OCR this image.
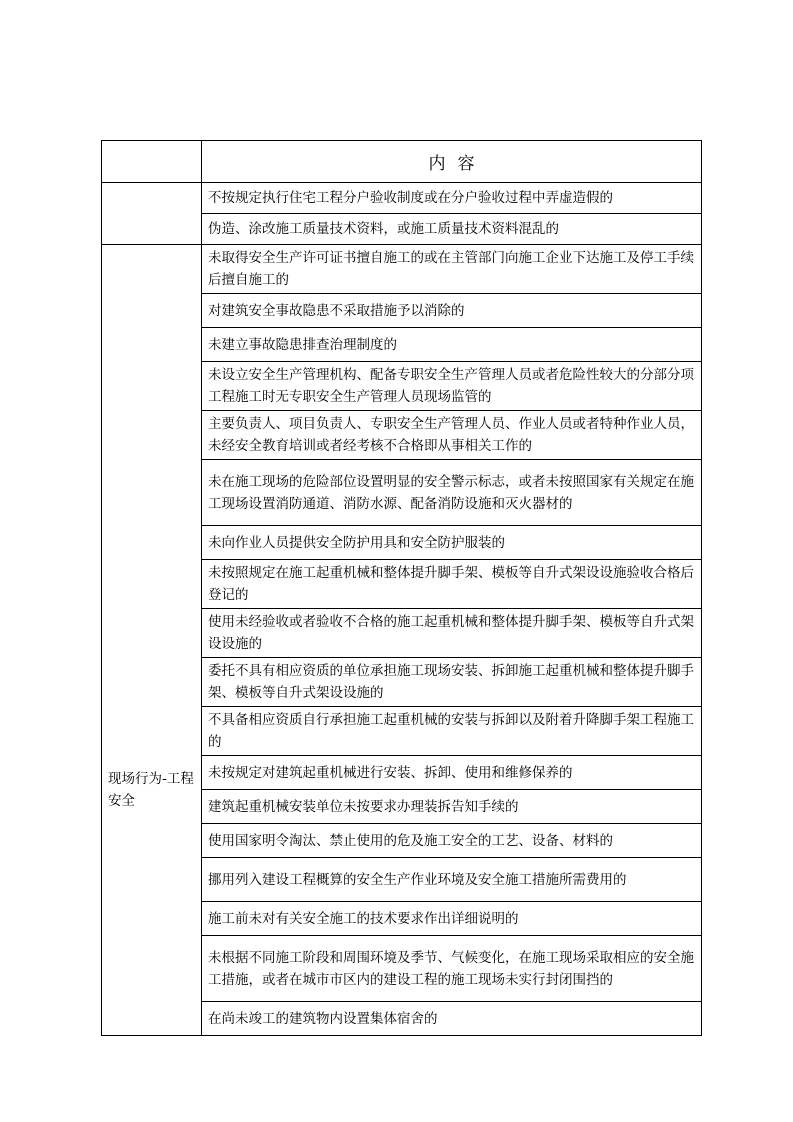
	内容
	不按规定执行住宅工程分户验收制度或在分户验收过程中弄虚造假的
	伪造、涂改施工质量技术资料，或施工质量技术资料混乱的
现场行为-工程安全	未取得安全生产许可证书擅自施工的或在主管部门向施工企业下达施工及停工手续后擅自施工的
	对建筑安全事故隐患不采取措施予以消除的
	未建立事故隐患排查治理制度的
	未设立安全生产管理机构、配备专职安全生产管理人员或者危险性较大的分部分项工程施工时无专职安全生产管理人员现场监管的
	主要负责人、项目负责人、专职安全生产管理人员、作业人员或者特种作业人员，未经安全教育培训或者经考核不合格即从事相关工作的
	未在施工现场的危险部位设置明显的安全警示标志，或者未按照国家有关规定在施工现场设置消防通道、消防水源、配备消防设施和灭火器材的
	未向作业人员提供安全防护用具和安全防护服装的
	未按照规定在施工起重机械和整体提升脚手架、模板等自升式架设设施验收合格后登记的
	使用未经验收或者验收不合格的施工起重机械和整体提升脚手架、模板等自升式架设设施的
	委托不具有相应资质的单位承担施工现场安装、拆卸施工起重机械和整体提升脚手架、模板等自升式架设设施的
	不具备相应资质自行承担施工起重机械的安装与拆卸以及附着升降脚手架工程施工的
	未按规定对建筑起重机械进行安装、拆卸、使用和维修保养的
	建筑起重机械安装单位未按要求办理装拆告知手续的
	使用国家明令淘汰、禁止使用的危及施工安全的工艺、设备、材料的
	挪用列入建设工程概算的安全生产作业环境及安全施工措施所需费用的
	施工前未对有关安全施工的技术要求作出详细说明的
	未根据不同施工阶段和周围环境及季节、气候变化，在施工现场采取相应的安全施工措施，或者在城市市区内的建设工程的施工现场未实行封闭围挡的
	在尚未竣工的建筑物内设置集体宿舍的
